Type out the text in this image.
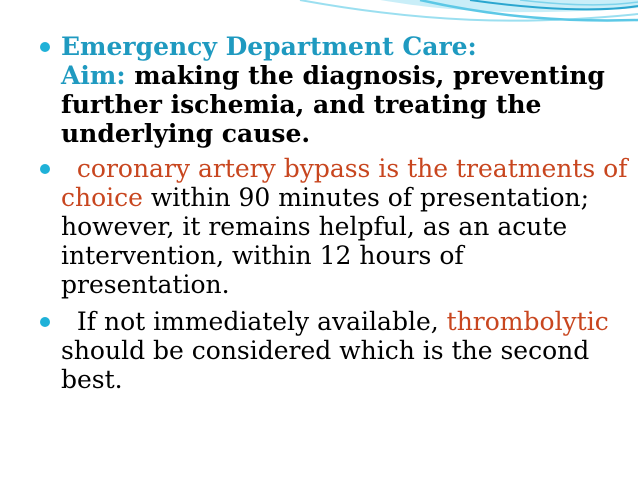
Emergency Department Care:
Aim: making the diagnosis, preventing
further ischemia, and treating the
underlying cause.
coronary artery bypass is the treatments of
choice within 90 minutes of presentation;
however, it remains helpful, as an acute
intervention, within 12 hours of
presentation.
If not immediately available, thrombolytic
should be considered which is the second
best.
